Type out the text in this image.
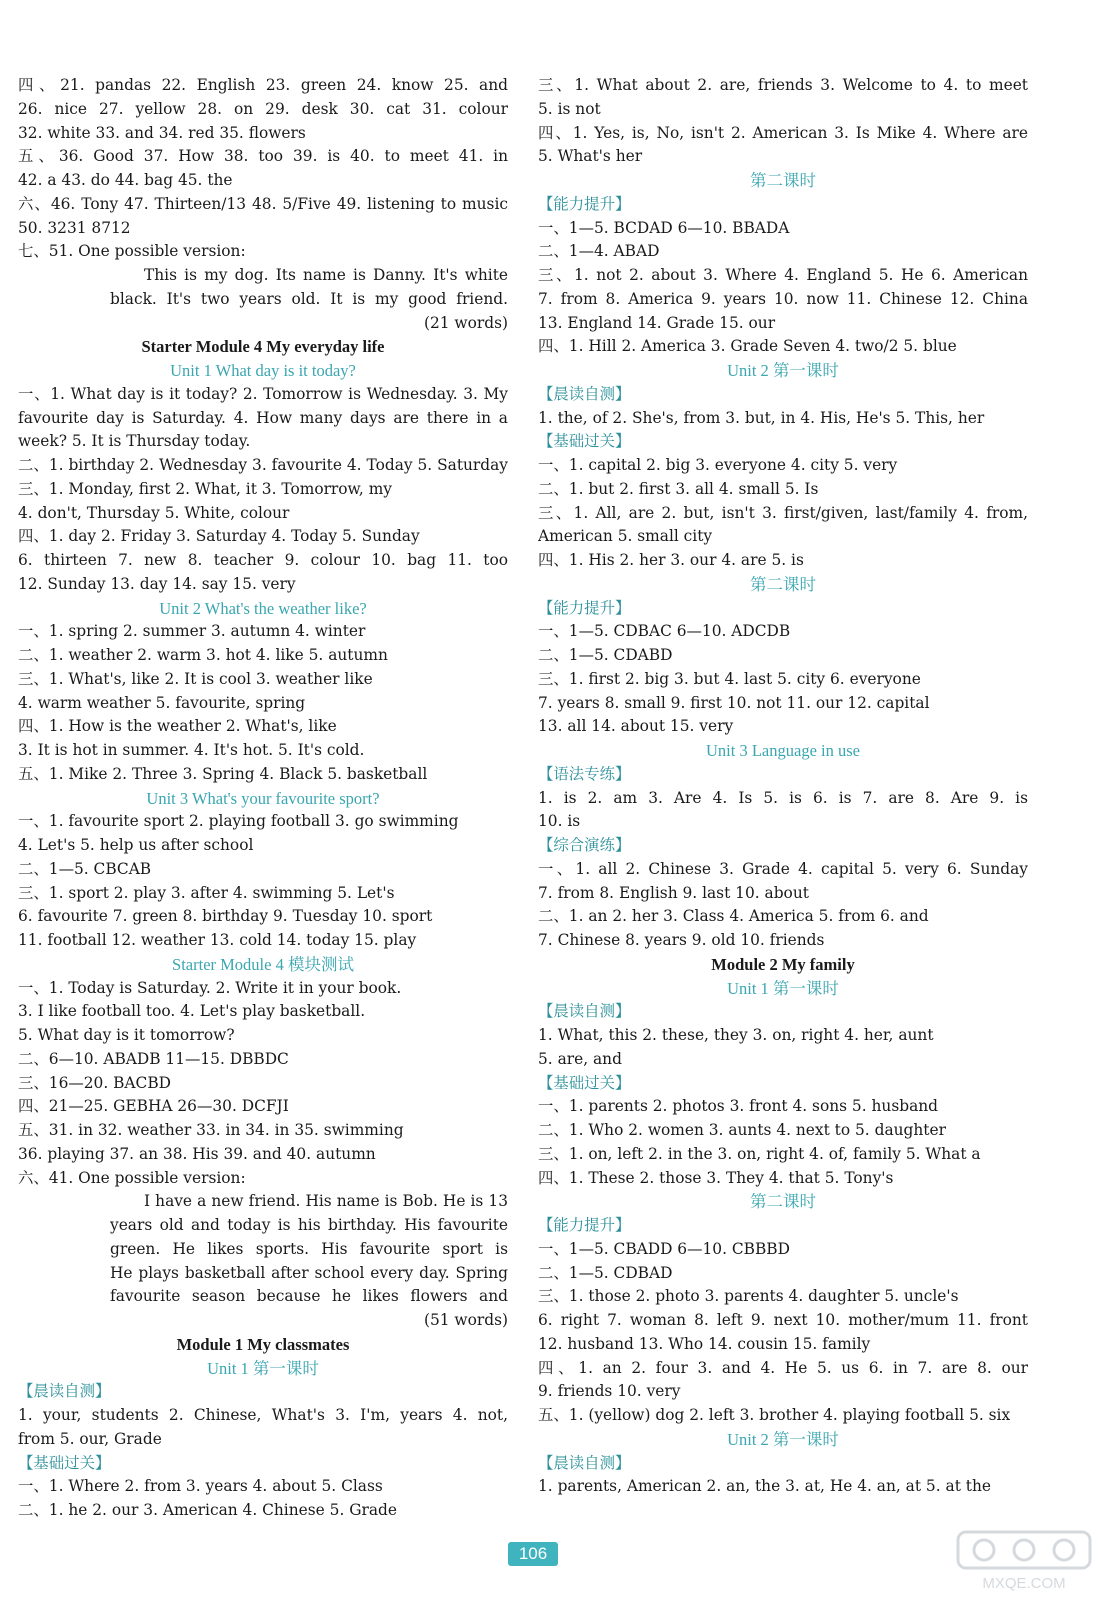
四、21. pandas 22. English 23. green 24. know 25. and
26. nice 27. yellow 28. on 29. desk 30. cat 31. colour
32. white 33. and 34. red 35. flowers
五、36. Good 37. How 38. too 39. is 40. to meet 41. in
42. a 43. do 44. bag 45. the
六、46. Tony 47. Thirteen/13 48. 5/Five 49. listening to music
50. 3231 8712
七、51. One possible version:
This is my dog. Its name is Danny. It's white
black. It's two years old. It is my good friend.
(21 words)
Starter Module 4 My everyday life
Unit 1 What day is it today?
一、1. What day is it today? 2. Tomorrow is Wednesday. 3. My
favourite day is Saturday. 4. How many days are there in a
week? 5. It is Thursday today.
二、1. birthday 2. Wednesday 3. favourite 4. Today 5. Saturday
三、1. Monday, first 2. What, it 3. Tomorrow, my
4. don't, Thursday 5. White, colour
四、1. day 2. Friday 3. Saturday 4. Today 5. Sunday
6. thirteen 7. new 8. teacher 9. colour 10. bag 11. too
12. Sunday 13. day 14. say 15. very
Unit 2 What's the weather like?
一、1. spring 2. summer 3. autumn 4. winter
二、1. weather 2. warm 3. hot 4. like 5. autumn
三、1. What's, like 2. It is cool 3. weather like
4. warm weather 5. favourite, spring
四、1. How is the weather 2. What's, like
3. It is hot in summer. 4. It's hot. 5. It's cold.
五、1. Mike 2. Three 3. Spring 4. Black 5. basketball
Unit 3 What's your favourite sport?
一、1. favourite sport 2. playing football 3. go swimming
4. Let's 5. help us after school
二、1—5. CBCAB
三、1. sport 2. play 3. after 4. swimming 5. Let's
6. favourite 7. green 8. birthday 9. Tuesday 10. sport
11. football 12. weather 13. cold 14. today 15. play
Starter Module 4 模块测试
一、1. Today is Saturday. 2. Write it in your book.
3. I like football too. 4. Let's play basketball.
5. What day is it tomorrow?
二、6—10. ABADB 11—15. DBBDC
三、16—20. BACBD
四、21—25. GEBHA 26—30. DCFJI
五、31. in 32. weather 33. in 34. in 35. swimming
36. playing 37. an 38. His 39. and 40. autumn
六、41. One possible version:
I have a new friend. His name is Bob. He is 13
years old and today is his birthday. His favourite
green. He likes sports. His favourite sport is
He plays basketball after school every day. Spring
favourite season because he likes flowers and
(51 words)
Module 1 My classmates
Unit 1 第一课时
【晨读自测】
1. your, students 2. Chinese, What's 3. I'm, years 4. not,
from 5. our, Grade
【基础过关】
一、1. Where 2. from 3. years 4. about 5. Class
二、1. he 2. our 3. American 4. Chinese 5. Grade
三、1. What about 2. are, friends 3. Welcome to 4. to meet
5. is not
四、1. Yes, is, No, isn't 2. American 3. Is Mike 4. Where are
5. What's her
第二课时
【能力提升】
一、1—5. BCDAD 6—10. BBADA
二、1—4. ABAD
三、1. not 2. about 3. Where 4. England 5. He 6. American
7. from 8. America 9. years 10. now 11. Chinese 12. China
13. England 14. Grade 15. our
四、1. Hill 2. America 3. Grade Seven 4. two/2 5. blue
Unit 2 第一课时
【晨读自测】
1. the, of 2. She's, from 3. but, in 4. His, He's 5. This, her
【基础过关】
一、1. capital 2. big 3. everyone 4. city 5. very
二、1. but 2. first 3. all 4. small 5. Is
三、1. All, are 2. but, isn't 3. first/given, last/family 4. from,
American 5. small city
四、1. His 2. her 3. our 4. are 5. is
第二课时
【能力提升】
一、1—5. CDBAC 6—10. ADCDB
二、1—5. CDABD
三、1. first 2. big 3. but 4. last 5. city 6. everyone
7. years 8. small 9. first 10. not 11. our 12. capital
13. all 14. about 15. very
Unit 3 Language in use
【语法专练】
1. is 2. am 3. Are 4. Is 5. is 6. is 7. are 8. Are 9. is
10. is
【综合演练】
一、1. all 2. Chinese 3. Grade 4. capital 5. very 6. Sunday
7. from 8. English 9. last 10. about
二、1. an 2. her 3. Class 4. America 5. from 6. and
7. Chinese 8. years 9. old 10. friends
Module 2 My family
Unit 1 第一课时
【晨读自测】
1. What, this 2. these, they 3. on, right 4. her, aunt
5. are, and
【基础过关】
一、1. parents 2. photos 3. front 4. sons 5. husband
二、1. Who 2. women 3. aunts 4. next to 5. daughter
三、1. on, left 2. in the 3. on, right 4. of, family 5. What a
四、1. These 2. those 3. They 4. that 5. Tony's
第二课时
【能力提升】
一、1—5. CBADD 6—10. CBBBD
二、1—5. CDBAD
三、1. those 2. photo 3. parents 4. daughter 5. uncle's
6. right 7. woman 8. left 9. next 10. mother/mum 11. front
12. husband 13. Who 14. cousin 15. family
四、1. an 2. four 3. and 4. He 5. us 6. in 7. are 8. our
9. friends 10. very
五、1. (yellow) dog 2. left 3. brother 4. playing football 5. six
Unit 2 第一课时
【晨读自测】
1. parents, American 2. an, the 3. at, He 4. an, at 5. at the
106
MXQE.COM
